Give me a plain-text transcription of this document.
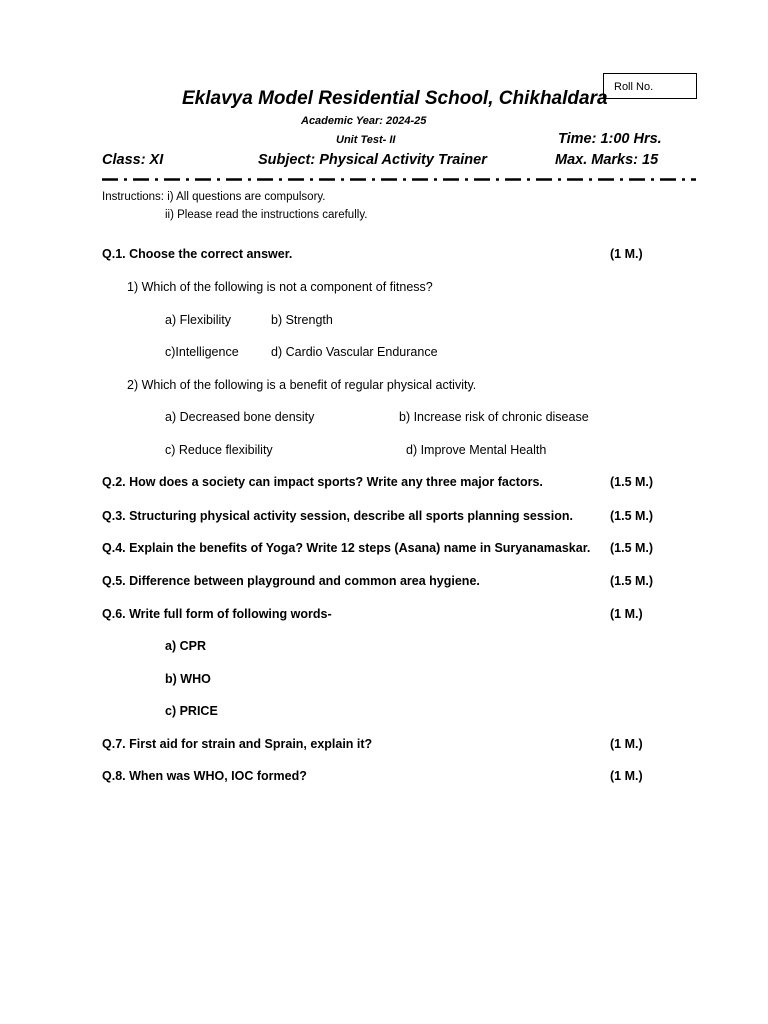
Roll No.
Eklavya Model Residential School, Chikhaldara
Academic Year: 2024-25
Unit Test- II	Time: 1:00 Hrs.
Class: XI	Subject: Physical Activity Trainer	Max. Marks: 15
Instructions: i) All questions are compulsory.
ii) Please read the instructions carefully.
Q.1. Choose the correct answer.	(1 M.)
1) Which of the following is not a component of fitness?
a) Flexibility	b) Strength
c)Intelligence	d) Cardio Vascular Endurance
2) Which of the following is a benefit of regular physical activity.
a) Decreased bone density	b) Increase risk of chronic disease
c) Reduce flexibility	d) Improve Mental Health
Q.2. How does a society can impact sports? Write any three major factors.	(1.5 M.)
Q.3. Structuring physical activity session, describe all sports planning session.	(1.5 M.)
Q.4. Explain the benefits of Yoga? Write 12 steps (Asana) name in Suryanamaskar. (1.5 M.)
Q.5. Difference between playground and common area hygiene.	(1.5 M.)
Q.6. Write full form of following words-	(1 M.)
a) CPR
b) WHO
c) PRICE
Q.7. First aid for strain and Sprain, explain it?	(1 M.)
Q.8. When was WHO, IOC formed?	(1 M.)
